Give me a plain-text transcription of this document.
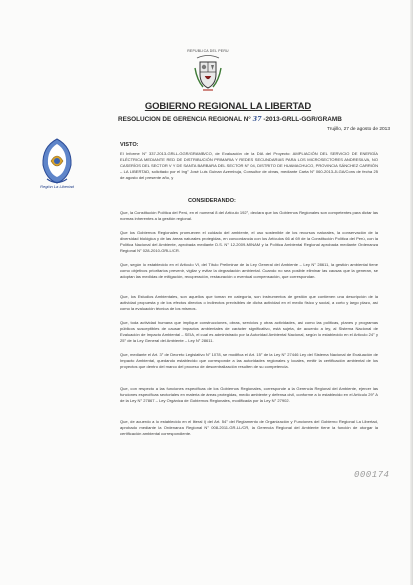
REPUBLICA DEL PERU
Región La Libertad
GOBIERNO REGIONAL LA LIBERTAD
RESOLUCION DE GERENCIA REGIONAL N° 37 -2013-GRLL-GGR/GRAMB
Trujillo, 27 de agosto de 2013
VISTO:
El Informe N° 337-2013-GRLL-GGR/GRAMB/CO, de Evaluación de la DIA del Proyecto: AMPLIACIÓN DEL SERVICIO DE ENERGÍA ELÉCTRICA MEDIANTE RED DE DISTRIBUCIÓN PRIMARIA Y REDES SECUNDARIAS PARA LOS MICROSECTORES ANDRESILVA, NO CASERÍOS DEL SECTOR V Y DE SANTA BARBARA DEL SECTOR N° 04, DISTRITO DE HUAMACHUCO, PROVINCIA SÁNCHEZ CARRIÓN – LA LIBERTAD, solicitado por el Ing° José Luis Guinan Azembuja, Consultor de obras, mediante Carta N° 060-2013-JLGA/Cons de fecha 25 de agosto del presente año, y
CONSIDERANDO:
Que, la Constitución Política del Perú, en el numeral 8 del Artículo 192°, declara que los Gobiernos Regionales son competentes para dictar las normas inherentes a la gestión regional.
Que los Gobiernos Regionales promueven el cuidado del ambiente, el uso sostenible de los recursos naturales, la conservación de la diversidad biológica y de las áreas naturales protegidas, en concordancia con los Artículos 66 al 69 de la Constitución Política del Perú, con la Política Nacional del Ambiente, aprobada mediante D.S. N° 12-2009-MINAM y la Política Ambiental Regional aprobada mediante Ordenanza Regional N° 028-2010-GRLL/CR.
Que, según lo establecido en el Artículo VI, del Título Preliminar de la Ley General del Ambiente – Ley N° 28611, la gestión ambiental tiene como objetivos prioritarios prevenir, vigilar y evitar la degradación ambiental. Cuando no sea posible eliminar las causas que la generan, se adoptan las medidas de mitigación, recuperación, restauración o eventual compensación, que correspondan.
Que, los Estudios Ambientales, son aquellos que toman en categoría, son instrumentos de gestión que contienen una descripción de la actividad propuesta y de los efectos directos o indirectos previsibles de dicha actividad en el medio físico y social, a corto y largo plazo, así como la evaluación técnica de los mismos.
Que, toda actividad humana que implique construcciones, obras, servicios y otras actividades, así como las políticas, planes y programas públicos susceptibles de causar impactos ambientales de carácter significativo, está sujeta, de acuerdo a ley, al Sistema Nacional de Evaluación de Impacto Ambiental – SEIA, el cual es administrado por la Autoridad Ambiental Nacional, según lo establecido en el Artículo 24° y 25° de la Ley General del Ambiente – Ley N° 28611.
Que, mediante el Art. 3° de Decreto Legislativo N° 1078, se modifica el Art. 15° de la Ley N° 27446 Ley del Sistema Nacional de Evaluación de Impacto Ambiental, quedando establecido que corresponde a las autoridades regionales y locales, emitir la certificación ambiental de los proyectos que dentro del marco del proceso de descentralización resulten de su competencia.
Que, con respecto a las funciones específicas de los Gobiernos Regionales, corresponde a la Gerencia Regional del Ambiente, ejercer las funciones específicas sectoriales en materia de áreas protegidas, medio ambiente y defensa civil, conforme a lo establecido en el Artículo 29° A de la Ley N° 27867 – Ley Orgánica de Gobiernos Regionales, modificada por la Ley N° 27902.
Que, de acuerdo a lo establecido en el literal i) del Art. 54° del Reglamento de Organización y Funciones del Gobierno Regional La Libertad, aprobado mediante la Ordenanza Regional N° 008-2011-GR-LL/CR, la Gerencia Regional del Ambiente tiene la función de otorgar la certificación ambiental correspondiente.
000174
